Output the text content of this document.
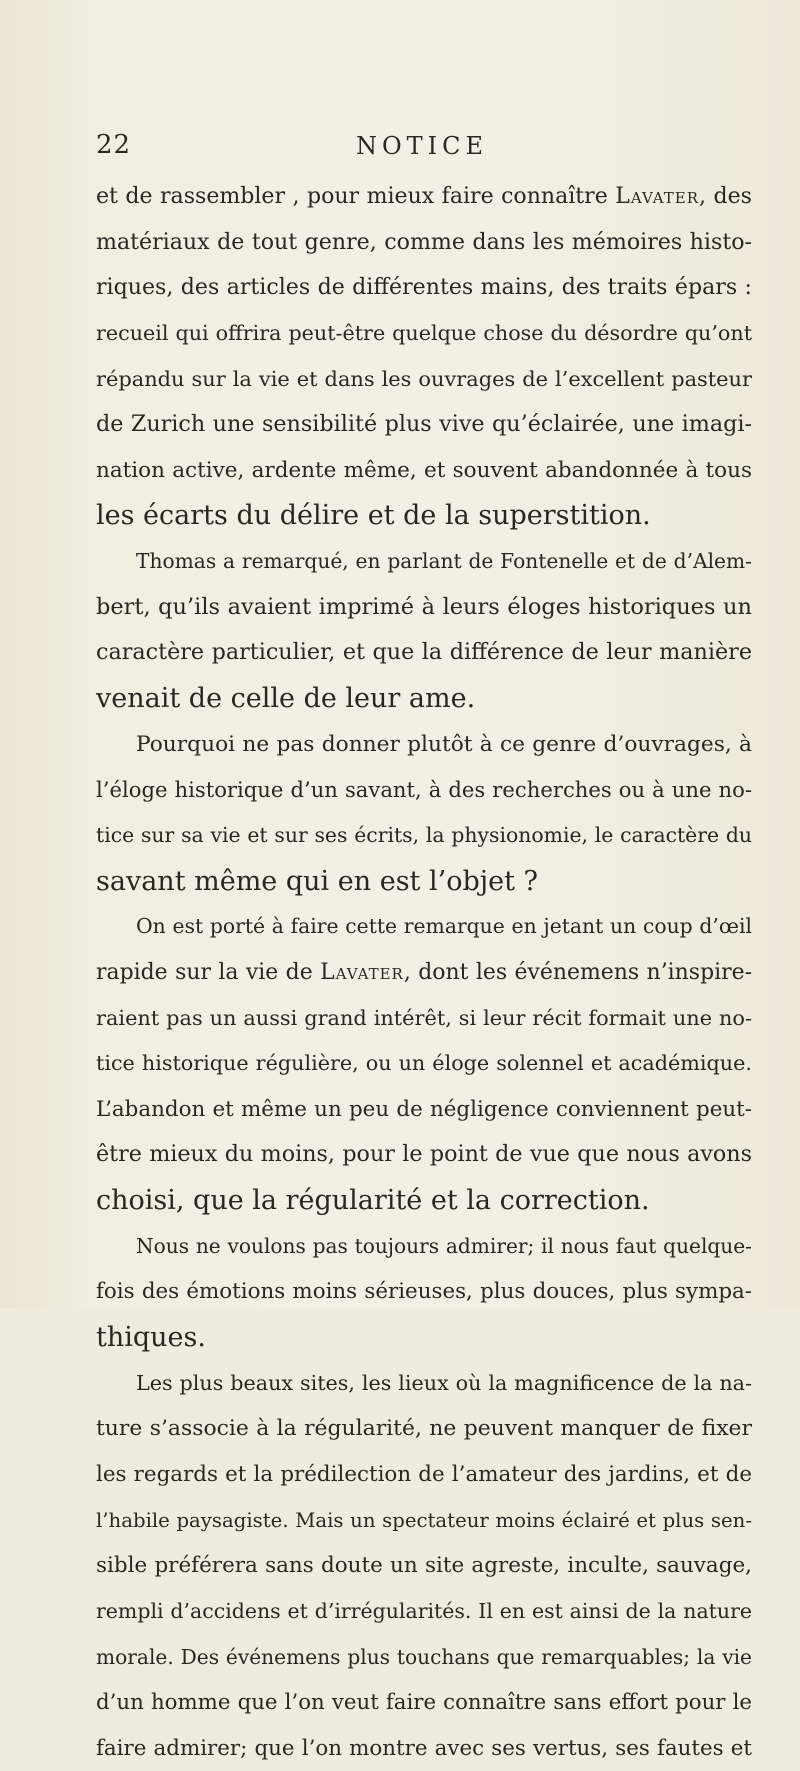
22	NOTICE
et de rassembler , pour mieux faire connaître Lavater, des
matériaux de tout genre, comme dans les mémoires histo-
riques, des articles de différentes mains, des traits épars :
recueil qui offrira peut-être quelque chose du désordre qu’ont
répandu sur la vie et dans les ouvrages de l’excellent pasteur
de Zurich une sensibilité plus vive qu’éclairée, une imagi-
nation active, ardente même, et souvent abandonnée à tous
les écarts du délire et de la superstition.
Thomas a remarqué, en parlant de Fontenelle et de d’Alem-
bert, qu’ils avaient imprimé à leurs éloges historiques un
caractère particulier, et que la différence de leur manière
venait de celle de leur ame.
Pourquoi ne pas donner plutôt à ce genre d’ouvrages, à
l’éloge historique d’un savant, à des recherches ou à une no-
tice sur sa vie et sur ses écrits, la physionomie, le caractère du
savant même qui en est l’objet ?
On est porté à faire cette remarque en jetant un coup d’œil
rapide sur la vie de Lavater, dont les événemens n’inspire-
raient pas un aussi grand intérêt, si leur récit formait une no-
tice historique régulière, ou un éloge solennel et académique.
L’abandon et même un peu de négligence conviennent peut-
être mieux du moins, pour le point de vue que nous avons
choisi, que la régularité et la correction.
Nous ne voulons pas toujours admirer; il nous faut quelque-
fois des émotions moins sérieuses, plus douces, plus sympa-
thiques.
Les plus beaux sites, les lieux où la magnificence de la na-
ture s’associe à la régularité, ne peuvent manquer de fixer
les regards et la prédilection de l’amateur des jardins, et de
l’habile paysagiste. Mais un spectateur moins éclairé et plus sen-
sible préférera sans doute un site agreste, inculte, sauvage,
rempli d’accidens et d’irrégularités. Il en est ainsi de la nature
morale. Des événemens plus touchans que remarquables; la vie
d’un homme que l’on veut faire connaître sans effort pour le
faire admirer; que l’on montre avec ses vertus, ses fautes et
